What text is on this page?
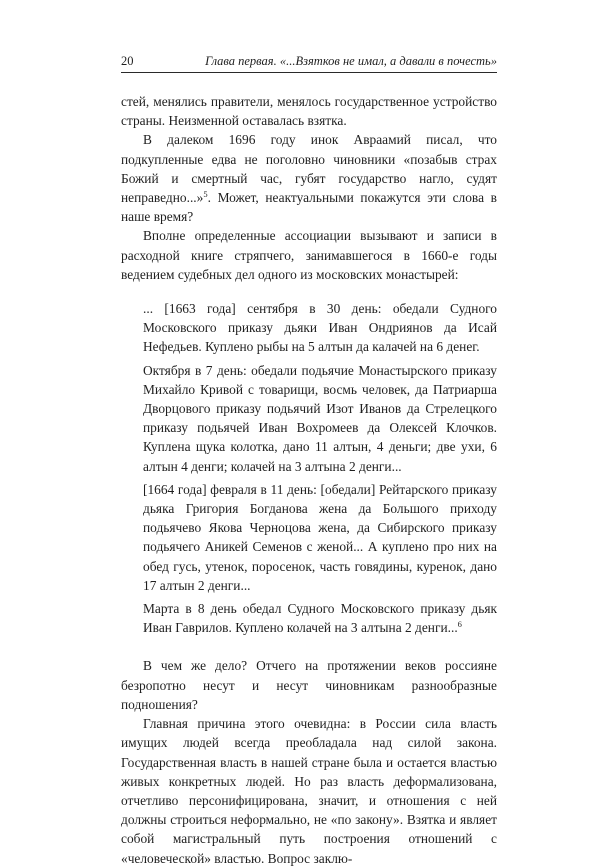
20	Глава первая. «...Взятков не имал, а давали в почесть»

стей, менялись правители, менялось государственное устройство страны. Неизменной оставалась взятка.

В далеком 1696 году инок Авраамий писал, что подкупленные едва не поголовно чиновники «позабыв страх Божий и смертный час, губят государство нагло, судят неправедно...»$^5$. Может, неактуальными покажутся эти слова в наше время?

Вполне определенные ассоциации вызывают и записи в расходной книге стряпчего, занимавшегося в 1660-е годы ведением судебных дел одного из московских монастырей:

... [1663 года] сентября в 30 день: обедали Судного Московского приказу дьяки Иван Ондриянов да Исай Нефедьев. Куплено рыбы на 5 алтын да калачей на 6 денег.

Октября в 7 день: обедали подьячие Монастырского приказу Михайло Кривой с товарищи, восмь человек, да Патриарша Дворцового приказу подьячий Изот Иванов да Стрелецкого приказу подьячей Иван Вохромеев да Олексей Клочков. Куплена щука колотка, дано 11 алтын, 4 деньги; две ухи, 6 алтын 4 денги; колачей на 3 алтына 2 денги...

[1664 года] февраля в 11 день: [обедали] Рейтарского приказу дьяка Григория Богданова жена да Большого приходу подьячево Якова Черноцова жена, да Сибирского приказу подьячего Аникей Семенов с женой... А куплено про них на обед гусь, утенок, поросенок, часть говядины, куренок, дано 17 алтын 2 денги...

Марта в 8 день обедал Судного Московского приказу дьяк Иван Гаврилов. Куплено колачей на 3 алтына 2 денги...$^6$

В чем же дело? Отчего на протяжении веков россияне безропотно несут и несут чиновникам разнообразные подношения?

Главная причина этого очевидна: в России сила власть имущих людей всегда преобладала над силой закона. Государственная власть в нашей стране была и остается властью живых конкретных людей. Но раз власть деформализована, отчетливо персонифицирована, значит, и отношения с ней должны строиться неформально, не «по закону». Взятка и являет собой магистральный путь построения отношений с «человеческой» властью. Вопрос заклю-
